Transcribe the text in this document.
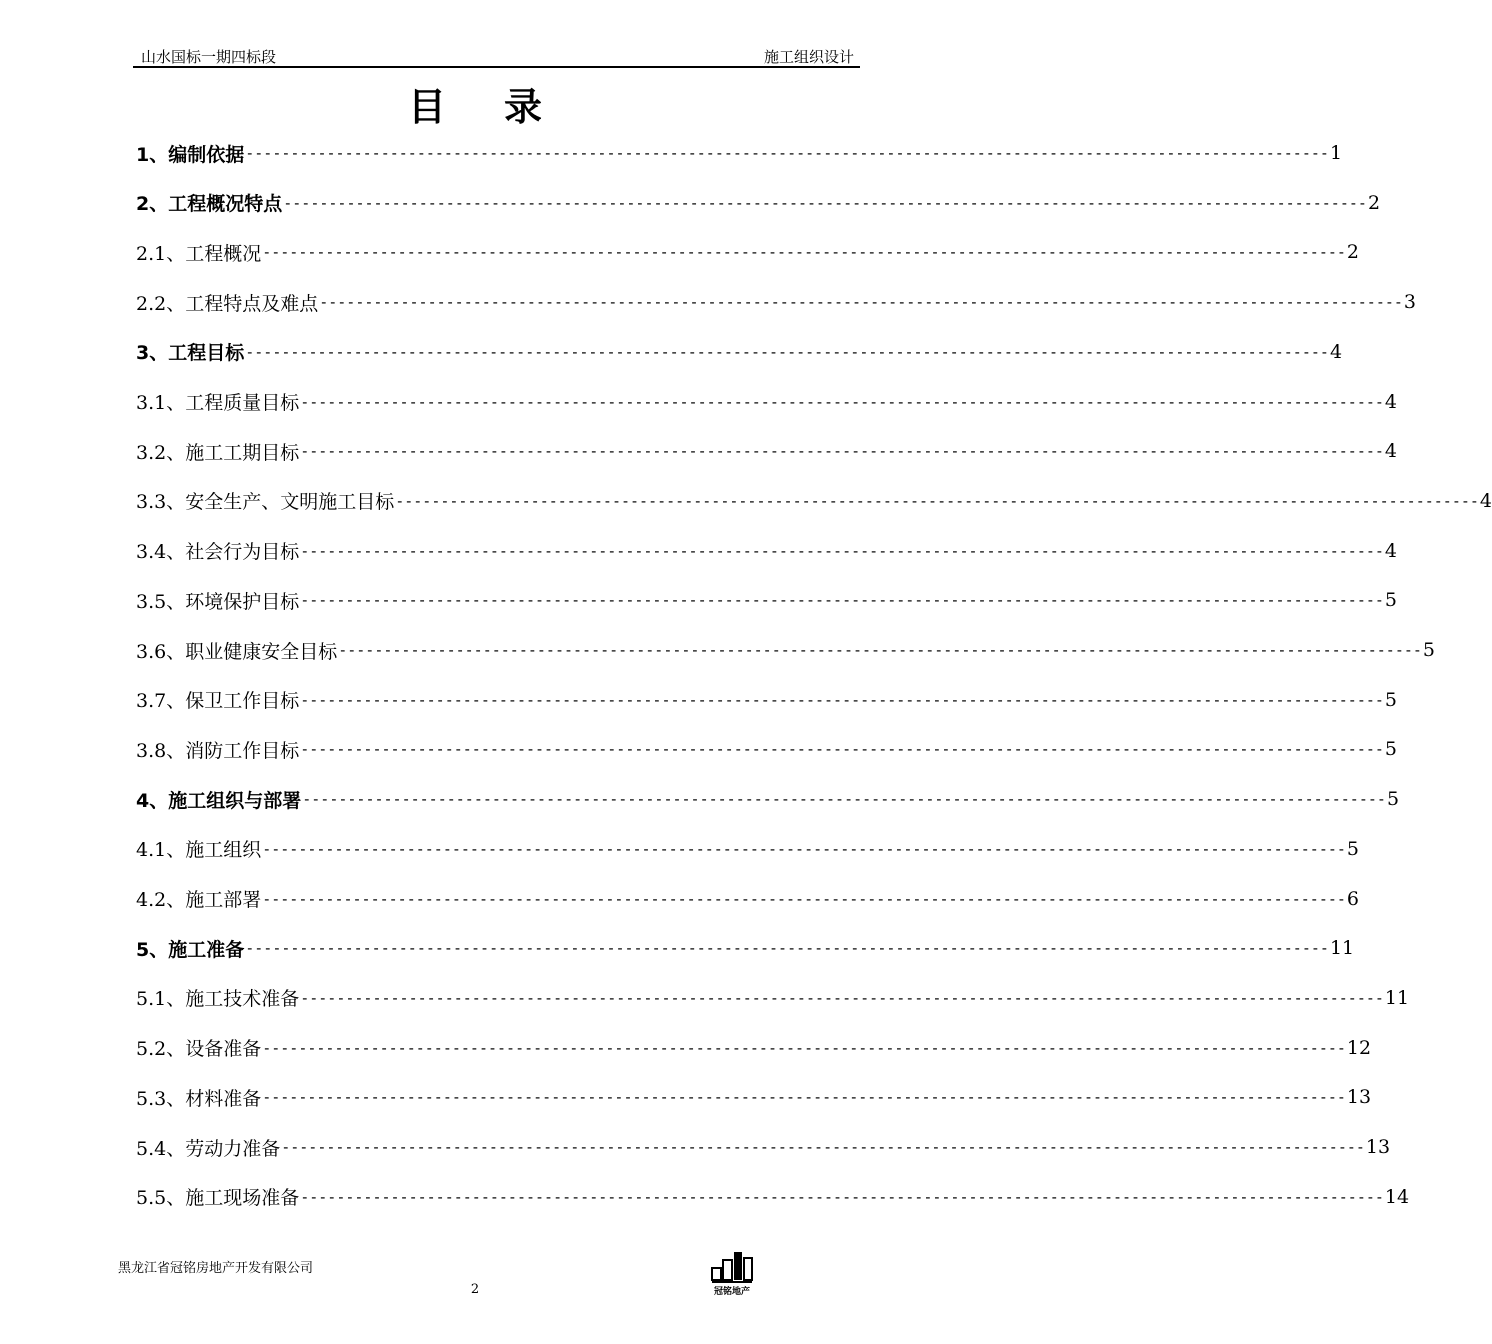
山水国标一期四标段	施工组织设计
目录
1、编制依据 ------------------------------------------------------------------------------------------------------------------------ 1
2、工程概况特点 ------------------------------------------------------------------------------------------------------------------------ 2
2.1、工程概况 ------------------------------------------------------------------------------------------------------------------------ 2
2.2、工程特点及难点 ------------------------------------------------------------------------------------------------------------------------ 3
3、工程目标 ------------------------------------------------------------------------------------------------------------------------ 4
3.1、工程质量目标 ------------------------------------------------------------------------------------------------------------------------ 4
3.2、施工工期目标 ------------------------------------------------------------------------------------------------------------------------ 4
3.3、安全生产、文明施工目标 ------------------------------------------------------------------------------------------------------------------------ 4
3.4、社会行为目标 ------------------------------------------------------------------------------------------------------------------------ 4
3.5、环境保护目标 ------------------------------------------------------------------------------------------------------------------------ 5
3.6、职业健康安全目标 ------------------------------------------------------------------------------------------------------------------------ 5
3.7、保卫工作目标 ------------------------------------------------------------------------------------------------------------------------ 5
3.8、消防工作目标 ------------------------------------------------------------------------------------------------------------------------ 5
4、施工组织与部署 ------------------------------------------------------------------------------------------------------------------------ 5
4.1、施工组织 ------------------------------------------------------------------------------------------------------------------------ 5
4.2、施工部署 ------------------------------------------------------------------------------------------------------------------------ 6
5、施工准备 ------------------------------------------------------------------------------------------------------------------------ 11
5.1、施工技术准备 ------------------------------------------------------------------------------------------------------------------------ 11
5.2、设备准备 ------------------------------------------------------------------------------------------------------------------------ 12
5.3、材料准备 ------------------------------------------------------------------------------------------------------------------------ 13
5.4、劳动力准备 ------------------------------------------------------------------------------------------------------------------------ 13
5.5、施工现场准备 ------------------------------------------------------------------------------------------------------------------------ 14
黑龙江省冠铭房地产开发有限公司
冠铭地产
2
